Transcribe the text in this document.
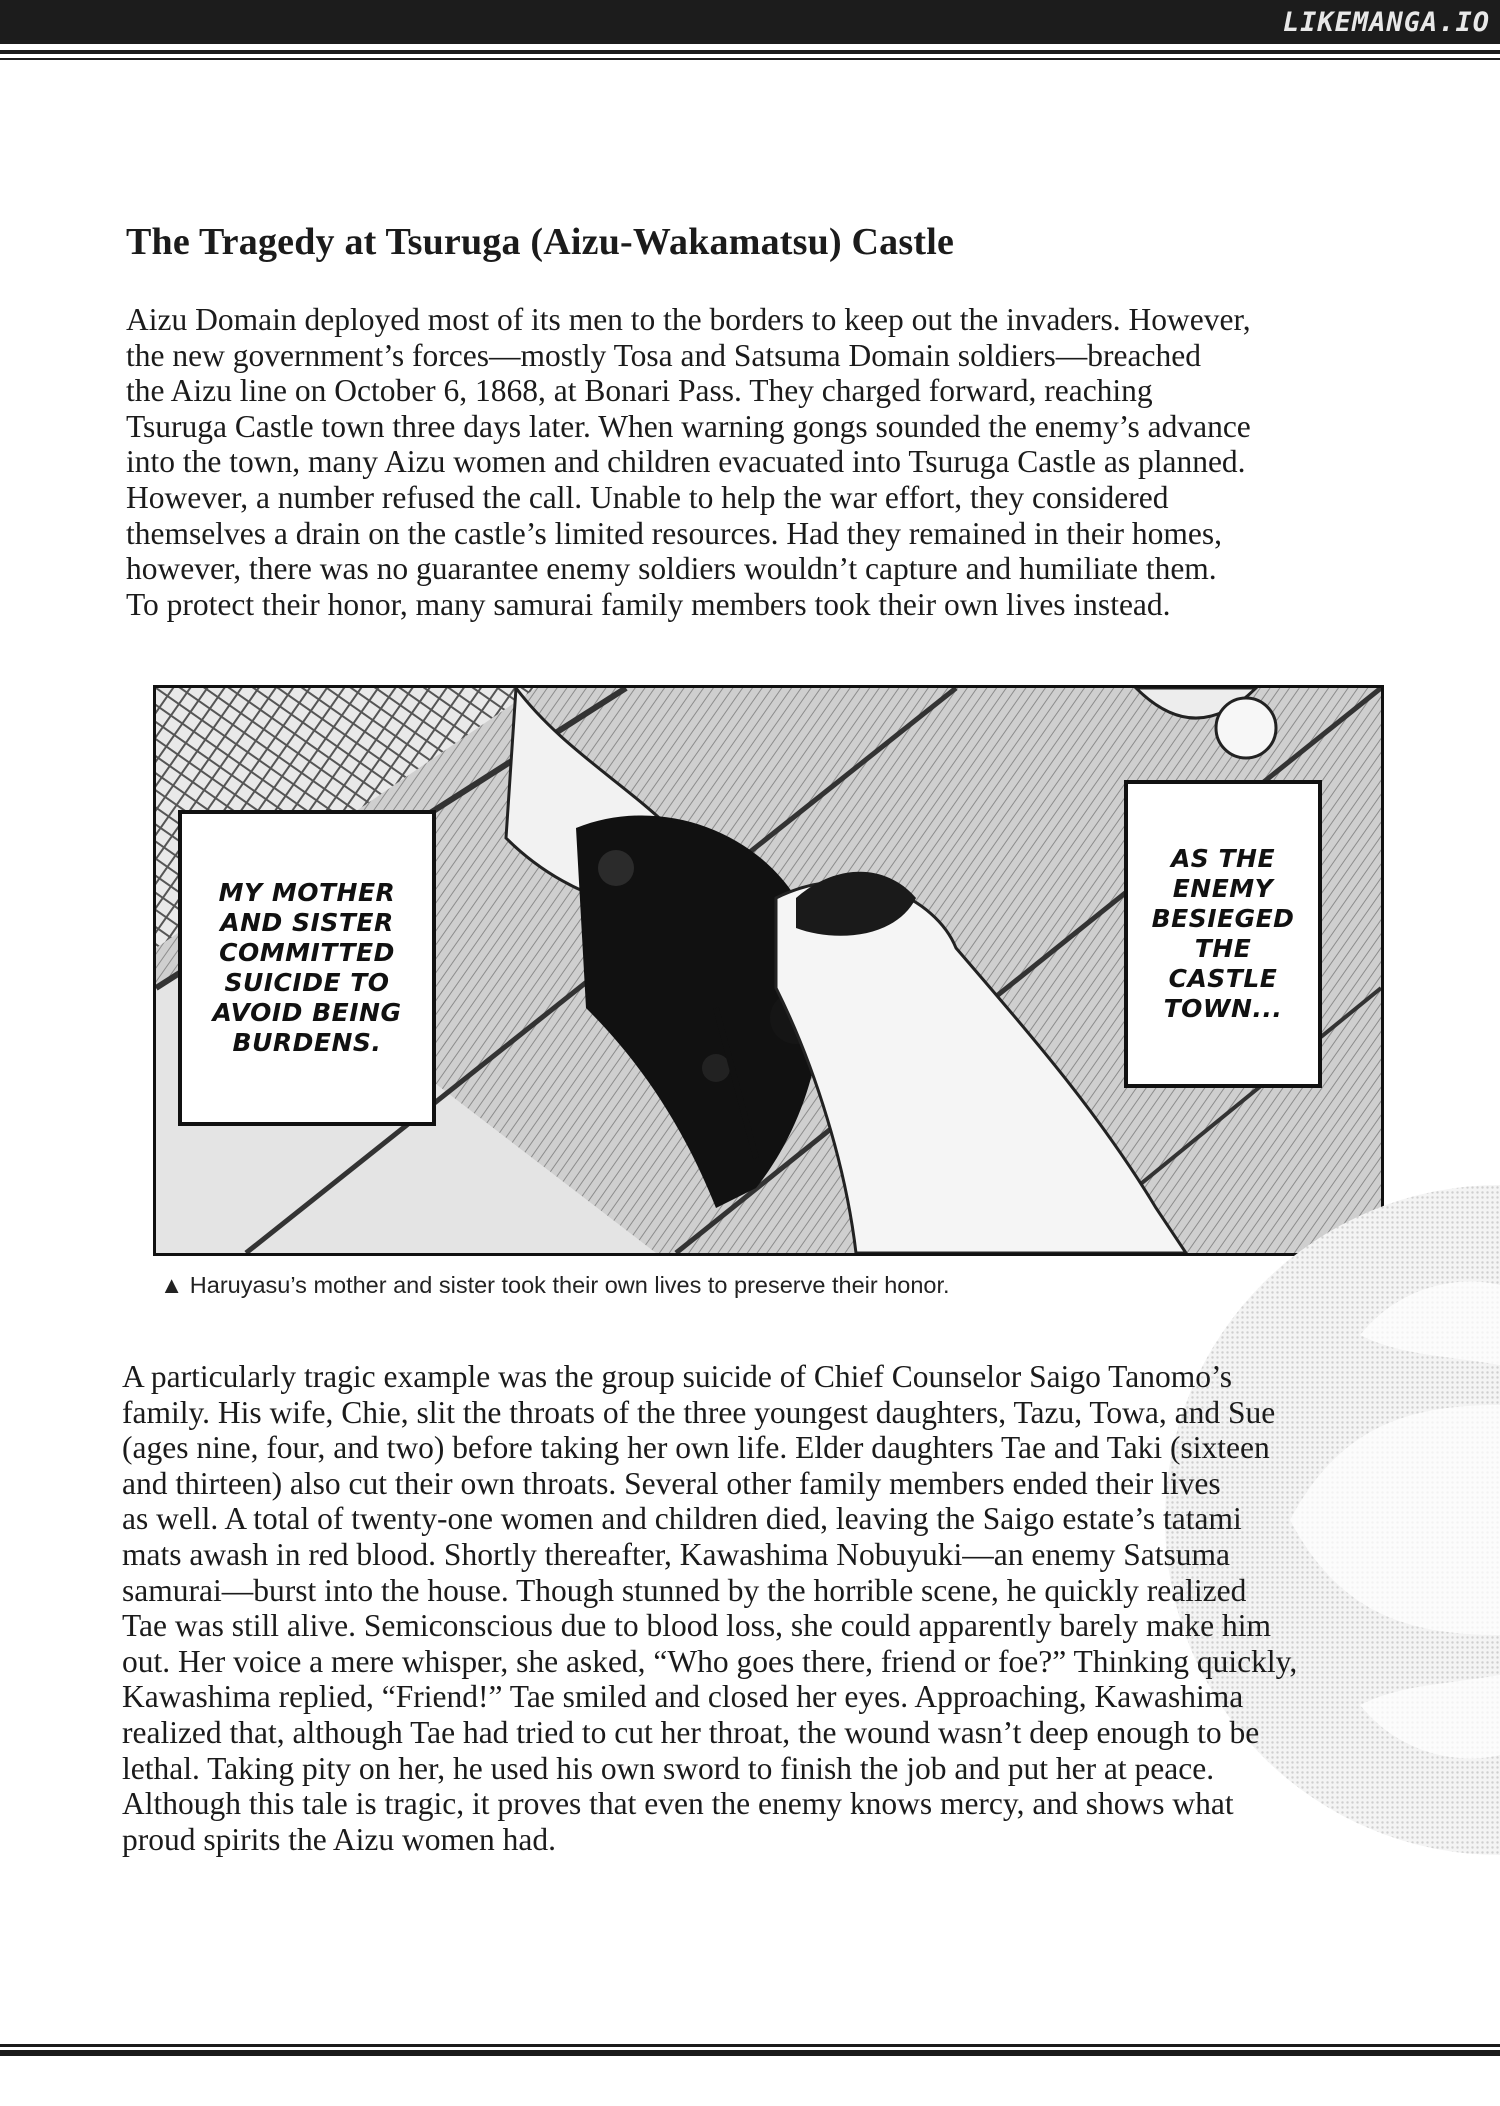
LIKEMANGA.IO
The Tragedy at Tsuruga (Aizu-Wakamatsu) Castle

Aizu Domain deployed most of its men to the borders to keep out the invaders. However,

the new government’s forces—mostly Tosa and Satsuma Domain soldiers—breached

the Aizu line on October 6, 1868, at Bonari Pass. They charged forward, reaching

Tsuruga Castle town three days later. When warning gongs sounded the enemy’s advance

into the town, many Aizu women and children evacuated into Tsuruga Castle as planned.

However, a number refused the call. Unable to help the war effort, they considered

themselves a drain on the castle’s limited resources. Had they remained in their homes,

however, there was no guarantee enemy soldiers wouldn’t capture and humiliate them.

To protect their honor, many samurai family members took their own lives instead.

MY MOTHER
AND SISTER
COMMITTED
SUICIDE TO
AVOID BEING
BURDENS.
AS THE
ENEMY
BESIEGED
THE
CASTLE
TOWN...
▲ Haruyasu’s mother and sister took their own lives to preserve their honor.

A particularly tragic example was the group suicide of Chief Counselor Saigo Tanomo’s

family. His wife, Chie, slit the throats of the three youngest daughters, Tazu, Towa, and Sue

(ages nine, four, and two) before taking her own life. Elder daughters Tae and Taki (sixteen

and thirteen) also cut their own throats. Several other family members ended their lives

as well. A total of twenty-one women and children died, leaving the Saigo estate’s tatami

mats awash in red blood. Shortly thereafter, Kawashima Nobuyuki—an enemy Satsuma

samurai—burst into the house. Though stunned by the horrible scene, he quickly realized

Tae was still alive. Semiconscious due to blood loss, she could apparently barely make him

out. Her voice a mere whisper, she asked, “Who goes there, friend or foe?” Thinking quickly,

Kawashima replied, “Friend!” Tae smiled and closed her eyes. Approaching, Kawashima

realized that, although Tae had tried to cut her throat, the wound wasn’t deep enough to be

lethal. Taking pity on her, he used his own sword to finish the job and put her at peace.

Although this tale is tragic, it proves that even the enemy knows mercy, and shows what

proud spirits the Aizu women had.
